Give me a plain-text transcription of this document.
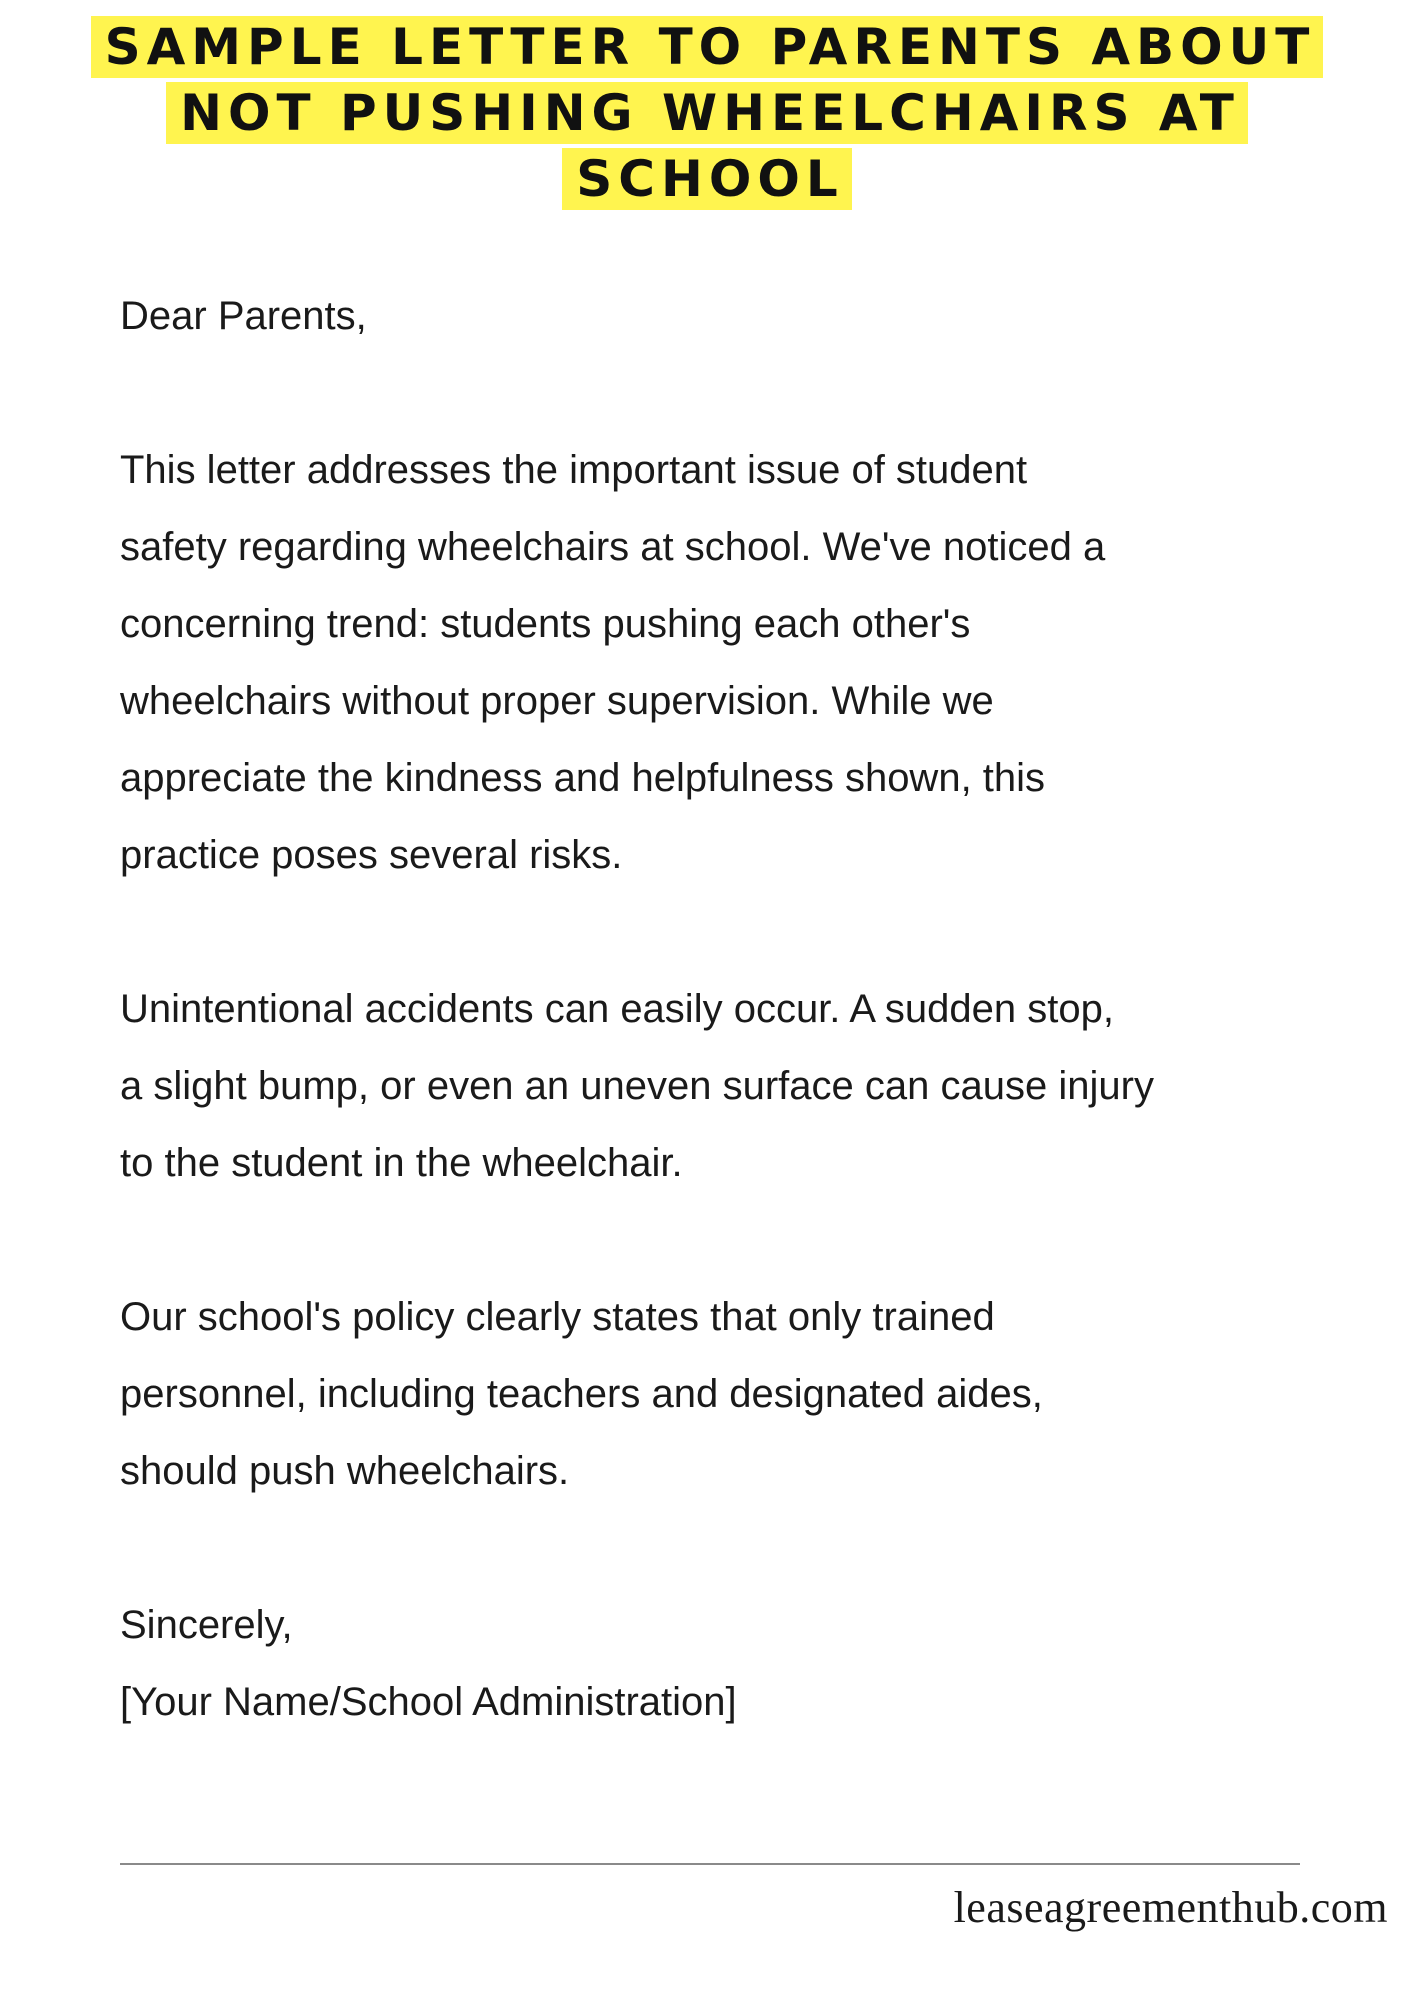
SAMPLE LETTER TO PARENTS ABOUT
NOT PUSHING WHEELCHAIRS AT
SCHOOL
Dear Parents,
This letter addresses the important issue of student
safety regarding wheelchairs at school. We've noticed a
concerning trend: students pushing each other's
wheelchairs without proper supervision. While we
appreciate the kindness and helpfulness shown, this
practice poses several risks.
Unintentional accidents can easily occur. A sudden stop,
a slight bump, or even an uneven surface can cause injury
to the student in the wheelchair.
Our school's policy clearly states that only trained
personnel, including teachers and designated aides,
should push wheelchairs.
Sincerely,
[Your Name/School Administration]
leaseagreementhub.com
